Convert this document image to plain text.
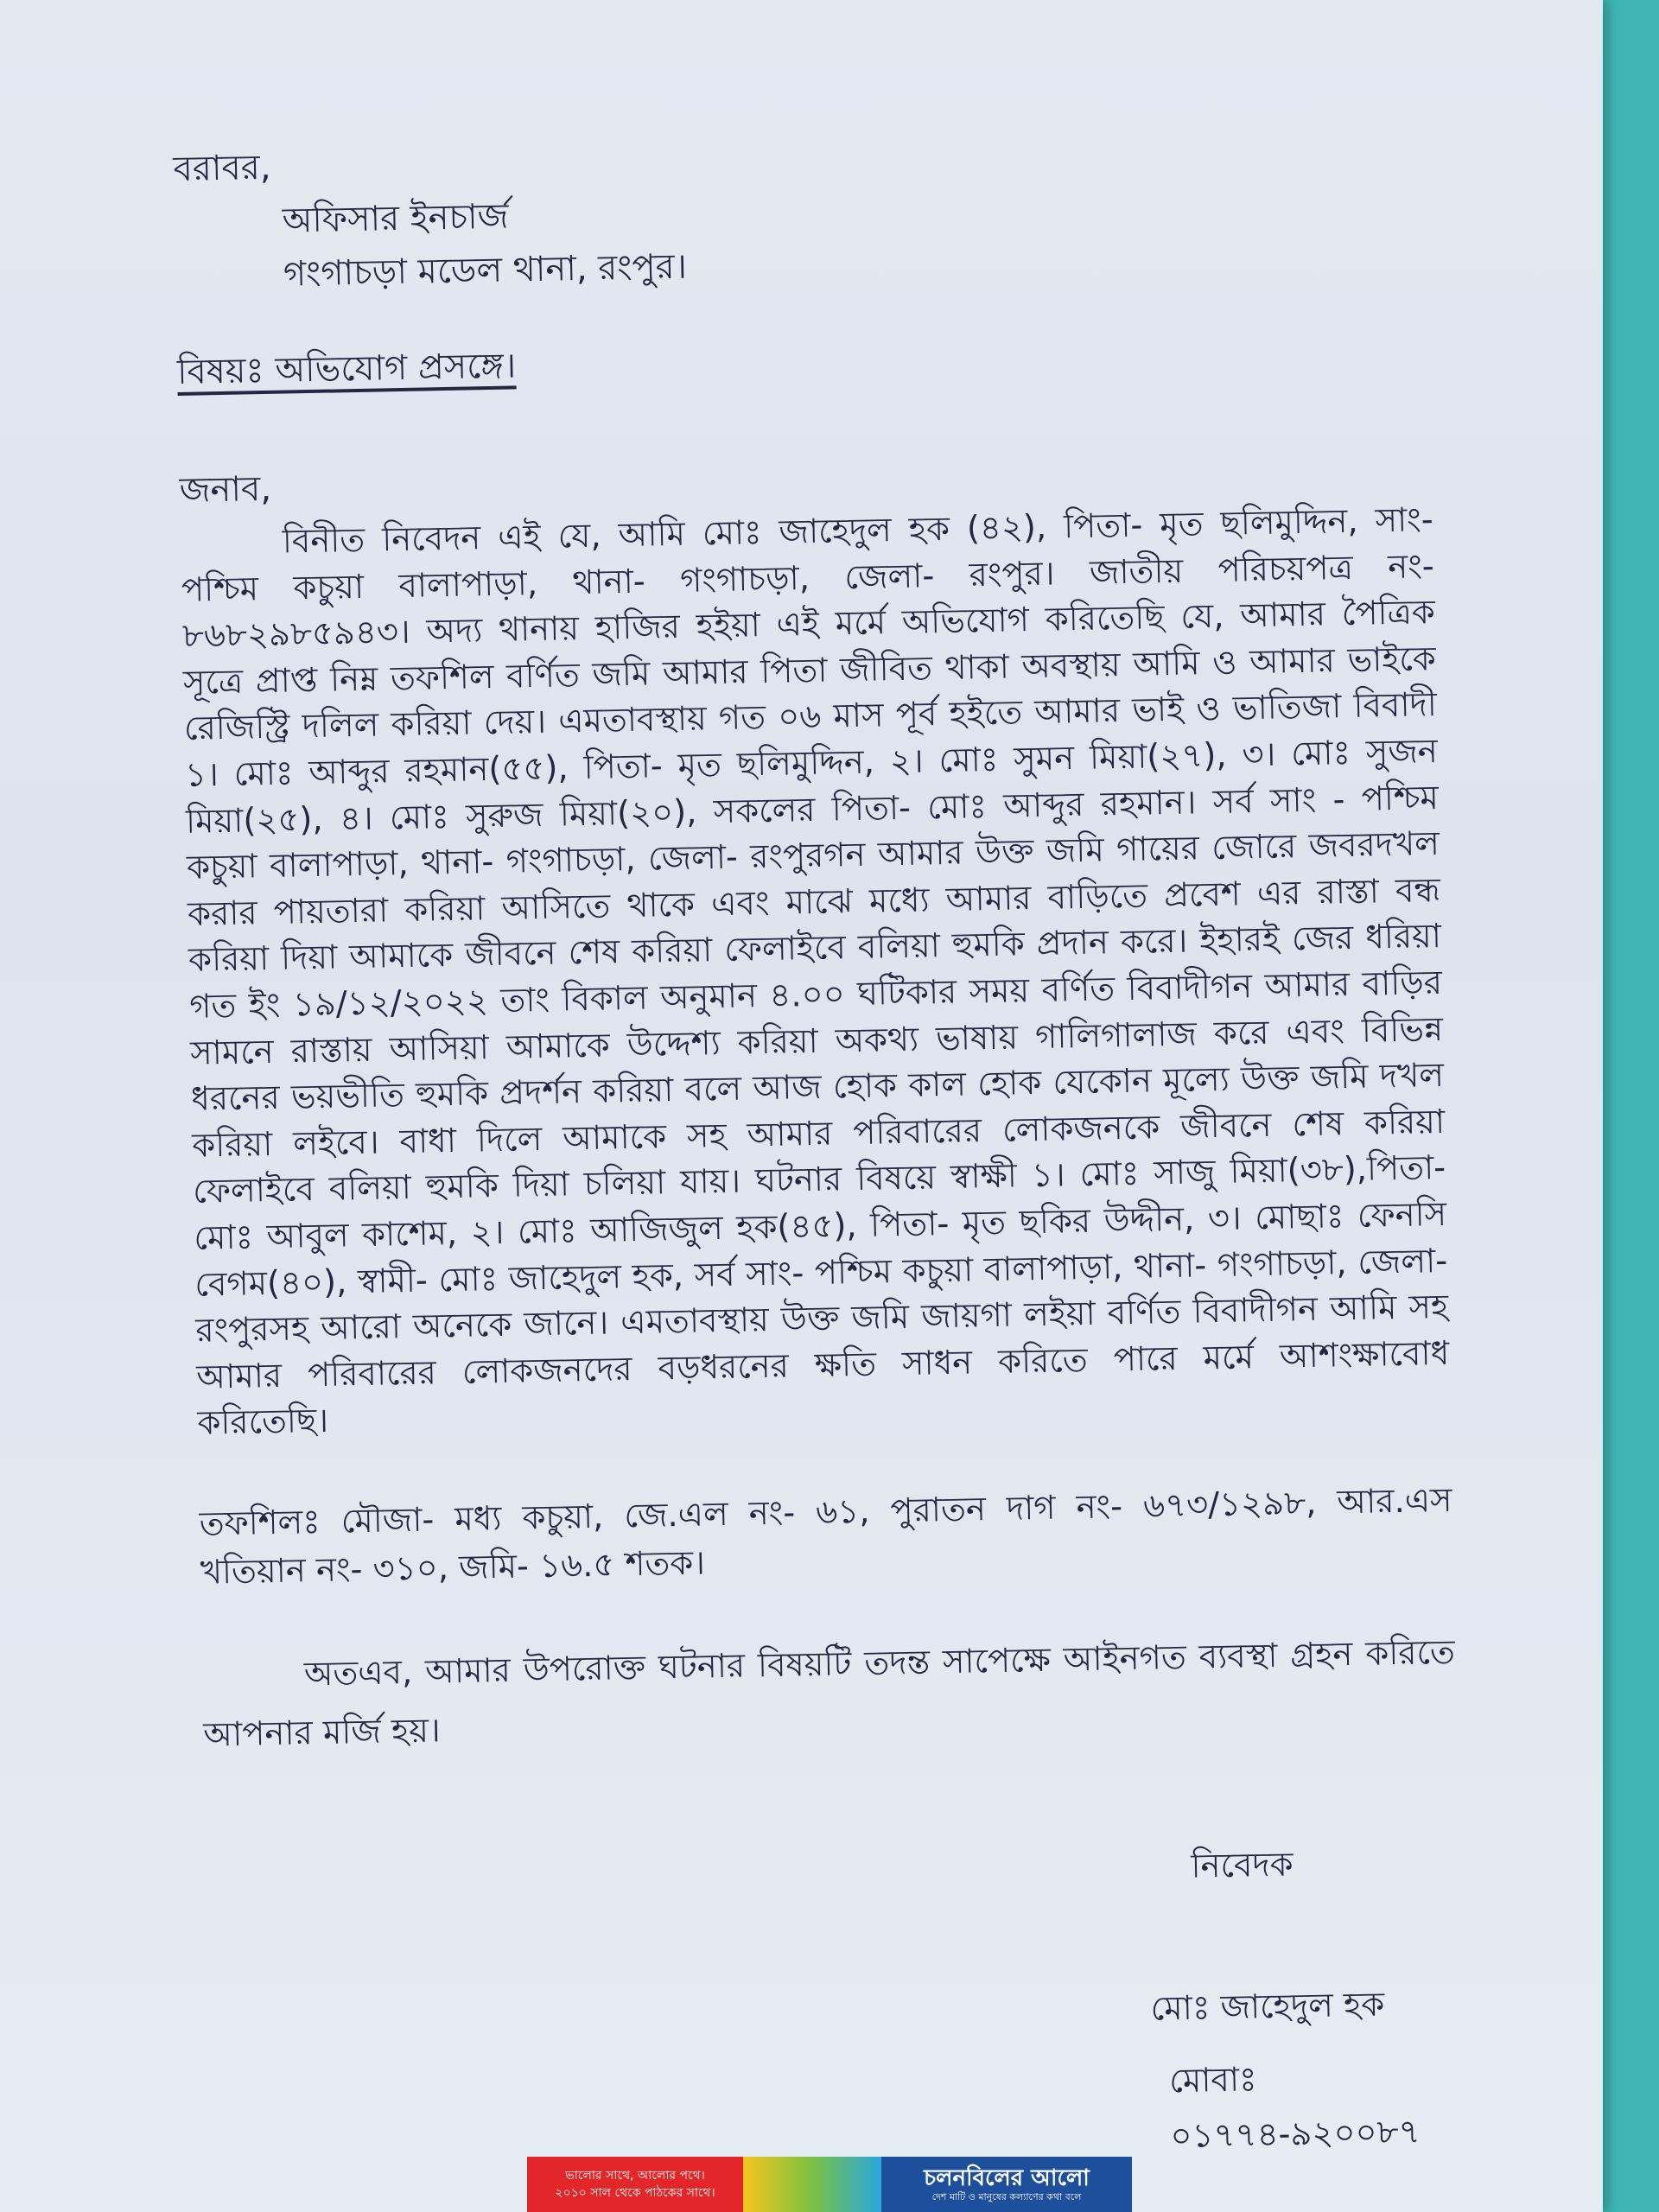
বরাবর,

অফিসার ইনচার্জ

গংগাচড়া মডেল থানা, রংপুর।

বিষয়ঃ অভিযোগ প্রসঙ্গে।
জনাব,

বিনীত নিবেদন এই যে, আমি মোঃ জাহেদুল হক (৪২), পিতা- মৃত ছলিমুদ্দিন, সাং- পশ্চিম কচুয়া বালাপাড়া, থানা- গংগাচড়া, জেলা- রংপুর। জাতীয় পরিচয়পত্র নং- ৮৬৮২৯৮৫৯৪৩। অদ্য থানায় হাজির হইয়া এই মর্মে অভিযোগ করিতেছি যে, আমার পৈত্রিক সূত্রে প্রাপ্ত নিম্ন তফশিল বর্ণিত জমি আমার পিতা জীবিত থাকা অবস্থায় আমি ও আমার ভাইকে রেজিস্ট্রি দলিল করিয়া দেয়। এমতাবস্থায় গত ০৬ মাস পূর্ব হইতে আমার ভাই ও ভাতিজা বিবাদী ১। মোঃ আব্দুর রহমান(৫৫), পিতা- মৃত ছলিমুদ্দিন, ২। মোঃ সুমন মিয়া(২৭), ৩। মোঃ সুজন মিয়া(২৫), ৪। মোঃ সুরুজ মিয়া(২০), সকলের পিতা- মোঃ আব্দুর রহমান। সর্ব সাং - পশ্চিম কচুয়া বালাপাড়া, থানা- গংগাচড়া, জেলা- রংপুরগন আমার উক্ত জমি গায়ের জোরে জবরদখল করার পায়তারা করিয়া আসিতে থাকে এবং মাঝে মধ্যে আমার বাড়িতে প্রবেশ এর রাস্তা বন্ধ করিয়া দিয়া আমাকে জীবনে শেষ করিয়া ফেলাইবে বলিয়া হুমকি প্রদান করে। ইহারই জের ধরিয়া গত ইং ১৯/১২/২০২২ তাং বিকাল অনুমান ৪.০০ ঘটিকার সময় বর্ণিত বিবাদীগন আমার বাড়ির সামনে রাস্তায় আসিয়া আমাকে উদ্দেশ্য করিয়া অকথ্য ভাষায় গালিগালাজ করে এবং বিভিন্ন ধরনের ভয়ভীতি হুমকি প্রদর্শন করিয়া বলে আজ হোক কাল হোক যেকোন মূল্যে উক্ত জমি দখল করিয়া লইবে। বাধা দিলে আমাকে সহ আমার পরিবারের লোকজনকে জীবনে শেষ করিয়া ফেলাইবে বলিয়া হুমকি দিয়া চলিয়া যায়। ঘটনার বিষয়ে স্বাক্ষী ১। মোঃ সাজু মিয়া(৩৮),পিতা- মোঃ আবুল কাশেম, ২। মোঃ আজিজুল হক(৪৫), পিতা- মৃত ছকির উদ্দীন, ৩। মোছাঃ ফেনসি বেগম(৪০), স্বামী- মোঃ জাহেদুল হক, সর্ব সাং- পশ্চিম কচুয়া বালাপাড়া, থানা- গংগাচড়া, জেলা- রংপুরসহ আরো অনেকে জানে। এমতাবস্থায় উক্ত জমি জায়গা লইয়া বর্ণিত বিবাদীগন আমি সহ আমার পরিবারের লোকজনদের বড়ধরনের ক্ষতি সাধন করিতে পারে মর্মে আশংক্ষাবোধ করিতেছি।

তফশিলঃ মৌজা- মধ্য কচুয়া, জে.এল নং- ৬১, পুরাতন দাগ নং- ৬৭৩/১২৯৮, আর.এস খতিয়ান নং- ৩১০, জমি- ১৬.৫ শতক।
অতএব, আমার উপরোক্ত ঘটনার বিষয়টি তদন্ত সাপেক্ষে আইনগত ব্যবস্থা গ্রহন করিতে আপনার মর্জি হয়।
নিবেদক
মোঃ জাহেদুল হক
মোবাঃ ০১৭৭৪-৯২০০৮৭
ভালোর সাথে, আলোর পথে।
২০১০ সাল থেকে পাঠকের সাথে।
চলনবিলের আলো
দেশ মাটি ও মানুষের কল্যাণের কথা বলে
